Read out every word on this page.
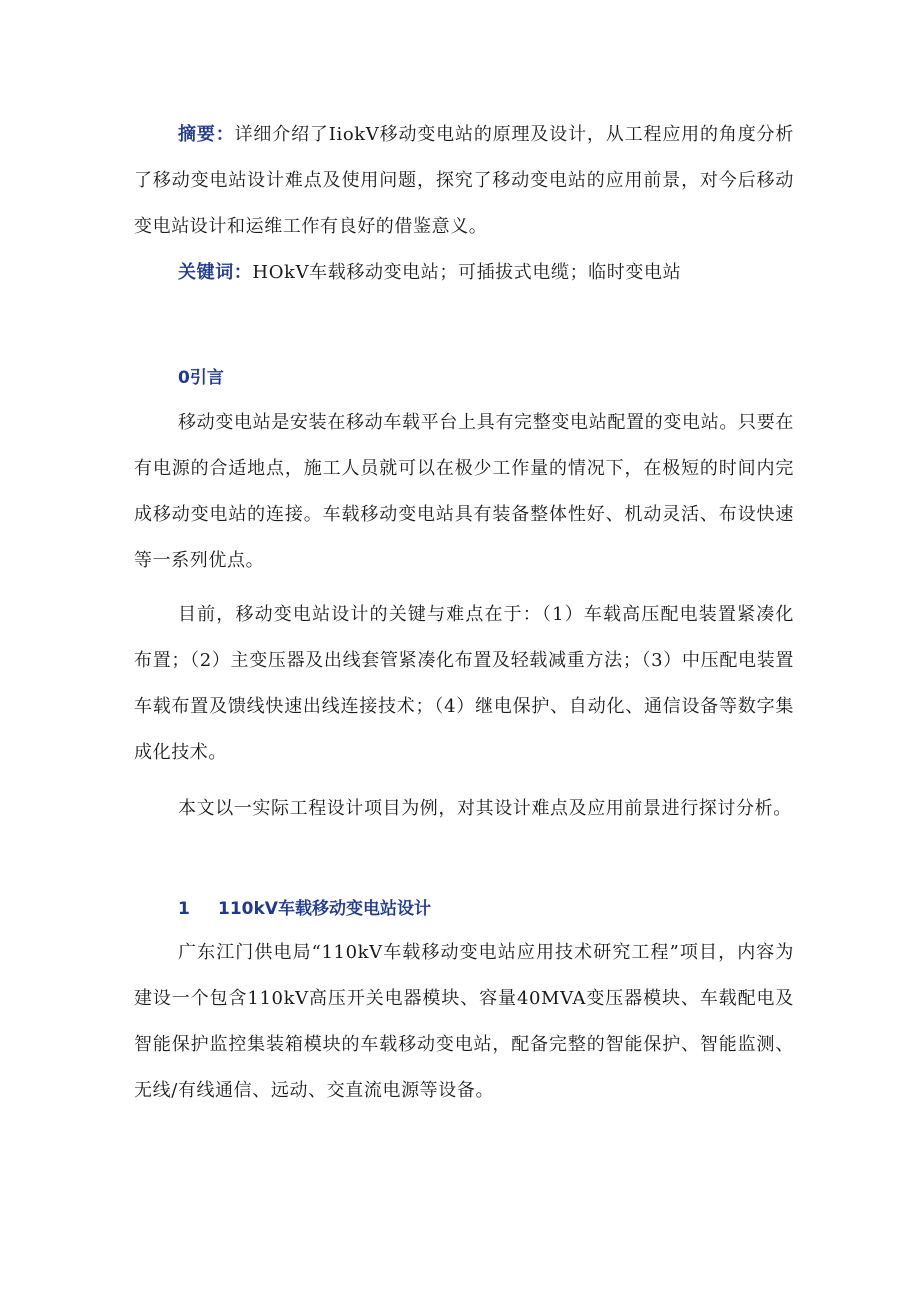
摘要：详细介绍了IiokV移动变电站的原理及设计，从工程应用的角度分析了移动变电站设计难点及使用问题，探究了移动变电站的应用前景，对今后移动变电站设计和运维工作有良好的借鉴意义。

关键词：HOkV车载移动变电站；可插拔式电缆；临时变电站

0引言

移动变电站是安装在移动车载平台上具有完整变电站配置的变电站。只要在有电源的合适地点，施工人员就可以在极少工作量的情况下，在极短的时间内完成移动变电站的连接。车载移动变电站具有装备整体性好、机动灵活、布设快速等一系列优点。

目前，移动变电站设计的关键与难点在于：（1）车载高压配电装置紧凑化布置；（2）主变压器及出线套管紧凑化布置及轻载减重方法；（3）中压配电装置车载布置及馈线快速出线连接技术；（4）继电保护、自动化、通信设备等数字集成化技术。

本文以一实际工程设计项目为例，对其设计难点及应用前景进行探讨分析。

1 110kV车载移动变电站设计

广东江门供电局“110kV车载移动变电站应用技术研究工程”项目，内容为建设一个包含110kV高压开关电器模块、容量40MVA变压器模块、车载配电及智能保护监控集装箱模块的车载移动变电站，配备完整的智能保护、智能监测、无线/有线通信、远动、交直流电源等设备。
